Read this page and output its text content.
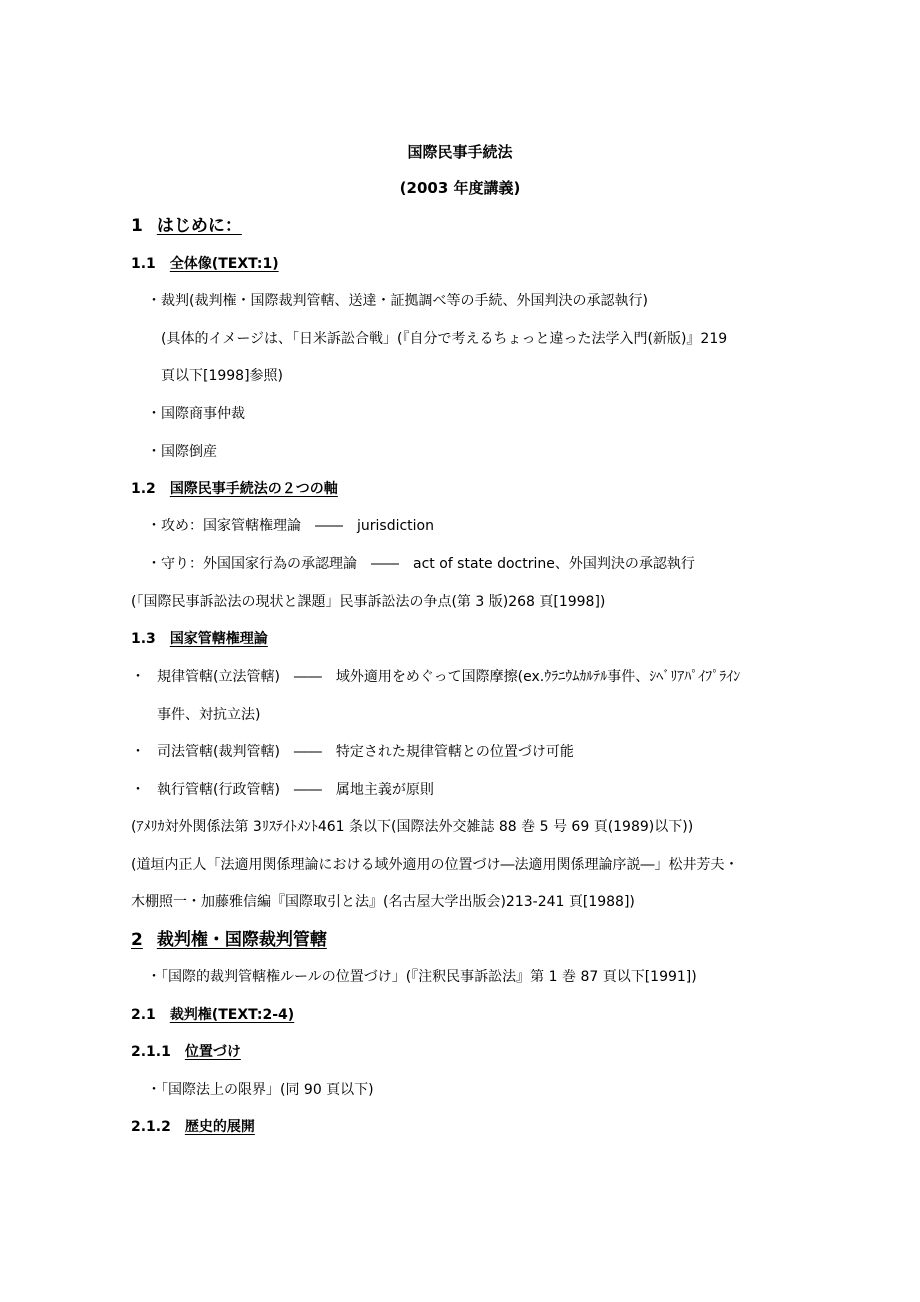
国際民事手続法
(2003 年度講義)
1 はじめに：
1.1 全体像(TEXT:1)
・裁判(裁判権・国際裁判管轄、送達・証拠調べ等の手続、外国判決の承認執行)
(具体的イメージは、「日米訴訟合戦」(『自分で考えるちょっと違った法学入門(新版)』219
頁以下[1998]参照)
・国際商事仲裁
・国際倒産
1.2 国際民事手続法の２つの軸
・攻め：国家管轄権理論　――　jurisdiction
・守り：外国国家行為の承認理論　――　act of state doctrine、外国判決の承認執行
(「国際民事訴訟法の現状と課題」民事訴訟法の争点(第 3 版)268 頁[1998])
1.3 国家管轄権理論
・ 規律管轄(立法管轄)　――　域外適用をめぐって国際摩擦(ex.ｳﾗﾆｳﾑｶﾙﾃﾙ事件、ｼﾍﾞﾘｱﾊﾟｲﾌﾟﾗｲﾝ
事件、対抗立法)
・ 司法管轄(裁判管轄)　――　特定された規律管轄との位置づけ可能
・ 執行管轄(行政管轄)　――　属地主義が原則
(ｱﾒﾘｶ対外関係法第 3ﾘｽﾃｲﾄﾒﾝﾄ461 条以下(国際法外交雑誌 88 巻 5 号 69 頁(1989)以下))
(道垣内正人「法適用関係理論における域外適用の位置づけ―法適用関係理論序説―」松井芳夫・
木棚照一・加藤雅信編『国際取引と法』(名古屋大学出版会)213-241 頁[1988])
2 裁判権・国際裁判管轄
・「国際的裁判管轄権ルールの位置づけ」(『注釈民事訴訟法』第 1 巻 87 頁以下[1991])
2.1 裁判権(TEXT:2-4)
2.1.1 位置づけ
・「国際法上の限界」(同 90 頁以下)
2.1.2 歴史的展開
